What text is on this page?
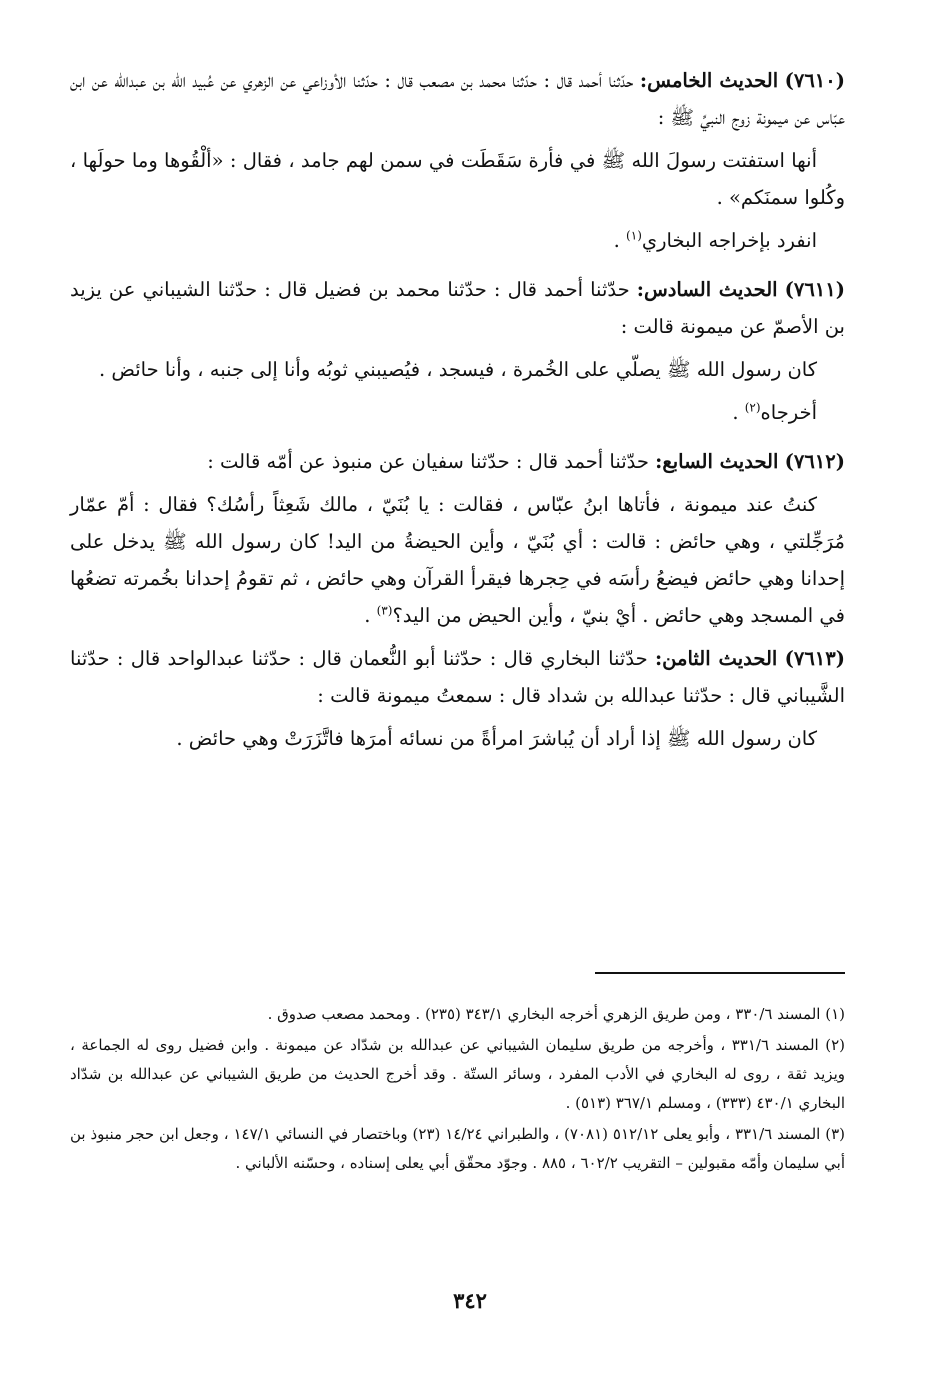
(٧٦١٠) الحديث الخامس: حدّثنا أحمد قال : حدّثنا محمد بن مصعب قال : حدّثنا الأوزاعي عن الزهري عن عُبيد الله بن عبدالله عن ابن عبّاس عن ميمونة زوج النبيِّ ﷺ :

أنها استفتت رسولَ الله ﷺ في فأرة سَقَطَت في سمن لهم جامد ، فقال : «ألْقُوها وما حولَها ، وكُلوا سمنَكم» .

انفرد بإخراجه البخاري$^{(١)}$ .

(٧٦١١) الحديث السادس: حدّثنا أحمد قال : حدّثنا محمد بن فضيل قال : حدّثنا الشيباني عن يزيد بن الأصمّ عن ميمونة قالت :

كان رسول الله ﷺ يصلّي على الخُمرة ، فيسجد ، فيُصيبني ثوبُه وأنا إلى جنبه ، وأنا حائض .

أخرجاه$^{(٢)}$ .

(٧٦١٢) الحديث السابع: حدّثنا أحمد قال : حدّثنا سفيان عن منبوذ عن أمّه قالت :

كنتُ عند ميمونة ، فأتاها ابنُ عبّاس ، فقالت : يا بُنَيّ ، مالك شَعِثاً رأسُك؟ فقال : أمّ عمّار مُرَجِّلتي ، وهي حائض : قالت : أي بُنَيّ ، وأين الحيضةُ من اليد! كان رسول الله ﷺ يدخل على إحدانا وهي حائض فيضعُ رأسَه في حِجرها فيقرأ القرآن وهي حائض ، ثم تقومُ إحدانا بخُمرته تضعُها في المسجد وهي حائض . أيْ بنيّ ، وأين الحيض من اليد؟$^{(٣)}$ .

(٧٦١٣) الحديث الثامن: حدّثنا البخاري قال : حدّثنا أبو النُّعمان قال : حدّثنا عبدالواحد قال : حدّثنا الشَّيباني قال : حدّثنا عبدالله بن شداد قال : سمعتُ ميمونة قالت :

كان رسول الله ﷺ إذا أراد أن يُباشرَ امرأةً من نسائه أمرَها فاتَّزَرَتْ وهي حائض .

(١) المسند ٣٣٠/٦ ، ومن طريق الزهري أخرجه البخاري ٣٤٣/١ (٢٣٥) . ومحمد مصعب صدوق .

(٢) المسند ٣٣١/٦ ، وأخرجه من طريق سليمان الشيباني عن عبدالله بن شدّاد عن ميمونة . وابن فضيل روى له الجماعة ، ويزيد ثقة ، روى له البخاري في الأدب المفرد ، وسائر الستّة . وقد أخرج الحديث من طريق الشيباني عن عبدالله بن شدّاد البخاري ٤٣٠/١ (٣٣٣) ، ومسلم ٣٦٧/١ (٥١٣) .

(٣) المسند ٣٣١/٦ ، وأبو يعلى ٥١٢/١٢ (٧٠٨١) ، والطبراني ١٤/٢٤ (٢٣) وباختصار في النسائي ١٤٧/١ ، وجعل ابن حجر منبوذ بن أبي سليمان وأمّه مقبولين – التقريب ٦٠٢/٢ ، ٨٨٥ . وجوّد محقّق أبي يعلى إسناده ، وحسّنه الألباني .

٣٤٢
